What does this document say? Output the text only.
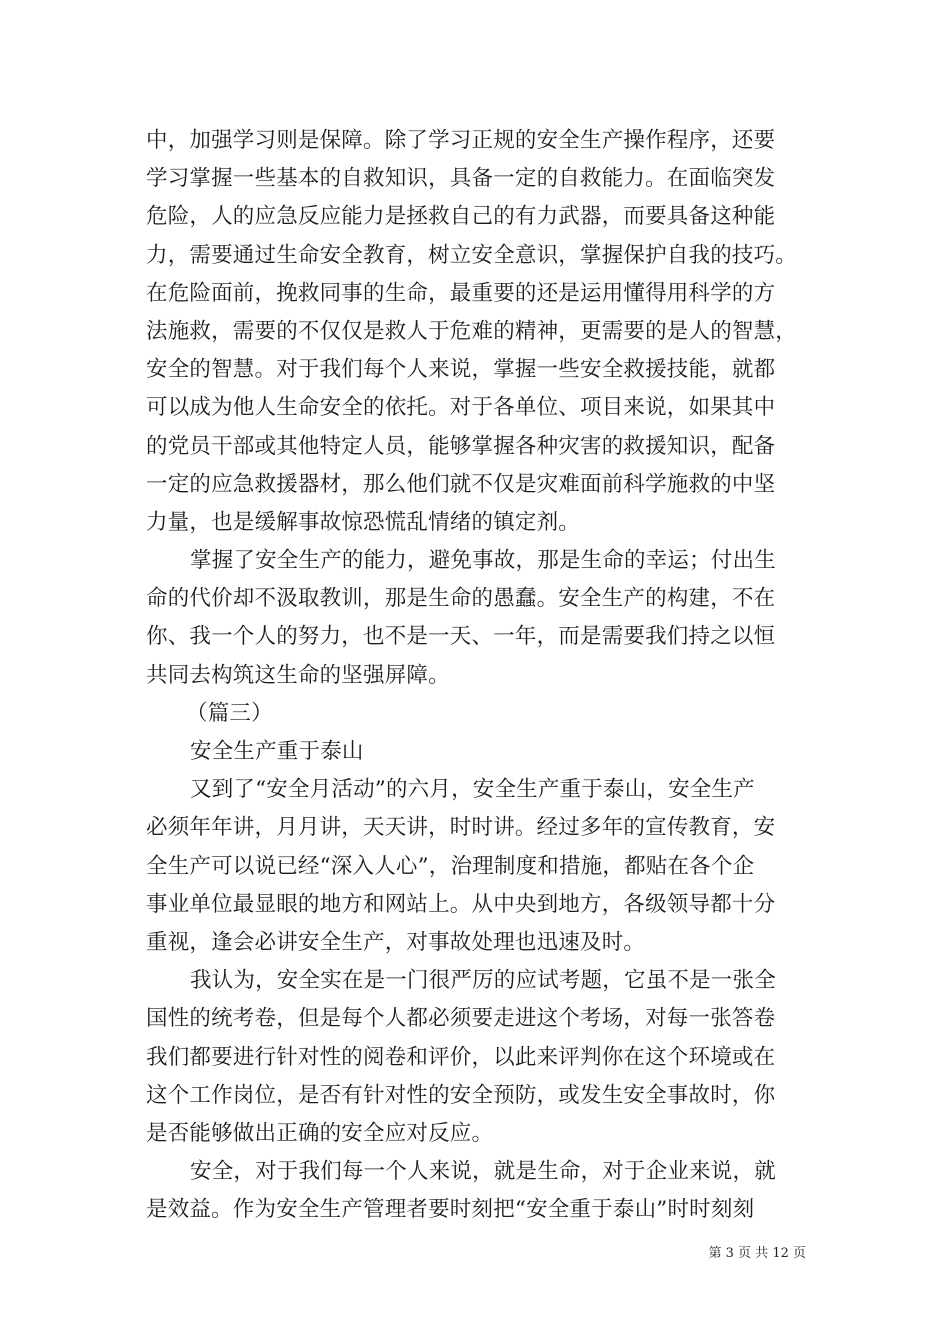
中，加强学习则是保障。除了学习正规的安全生产操作程序，还要
学习掌握一些基本的自救知识，具备一定的自救能力。在面临突发
危险，人的应急反应能力是拯救自己的有力武器，而要具备这种能
力，需要通过生命安全教育，树立安全意识，掌握保护自我的技巧。
在危险面前，挽救同事的生命，最重要的还是运用懂得用科学的方
法施救，需要的不仅仅是救人于危难的精神，更需要的是人的智慧，
安全的智慧。对于我们每个人来说，掌握一些安全救援技能，就都
可以成为他人生命安全的依托。对于各单位、项目来说，如果其中
的党员干部或其他特定人员，能够掌握各种灾害的救援知识，配备
一定的应急救援器材，那么他们就不仅是灾难面前科学施救的中坚
力量，也是缓解事故惊恐慌乱情绪的镇定剂。
掌握了安全生产的能力，避免事故，那是生命的幸运；付出生
命的代价却不汲取教训，那是生命的愚蠢。安全生产的构建，不在
你、我一个人的努力，也不是一天、一年，而是需要我们持之以恒
共同去构筑这生命的坚强屏障。
（篇三）
安全生产重于泰山
又到了“安全月活动”的六月，安全生产重于泰山，安全生产
必须年年讲，月月讲，天天讲，时时讲。经过多年的宣传教育，安
全生产可以说已经“深入人心”，治理制度和措施，都贴在各个企
事业单位最显眼的地方和网站上。从中央到地方，各级领导都十分
重视，逢会必讲安全生产，对事故处理也迅速及时。
我认为，安全实在是一门很严厉的应试考题，它虽不是一张全
国性的统考卷，但是每个人都必须要走进这个考场，对每一张答卷
我们都要进行针对性的阅卷和评价，以此来评判你在这个环境或在
这个工作岗位，是否有针对性的安全预防，或发生安全事故时，你
是否能够做出正确的安全应对反应。
安全，对于我们每一个人来说，就是生命，对于企业来说，就
是效益。作为安全生产管理者要时刻把“安全重于泰山”时时刻刻
第 3 页 共 12 页
